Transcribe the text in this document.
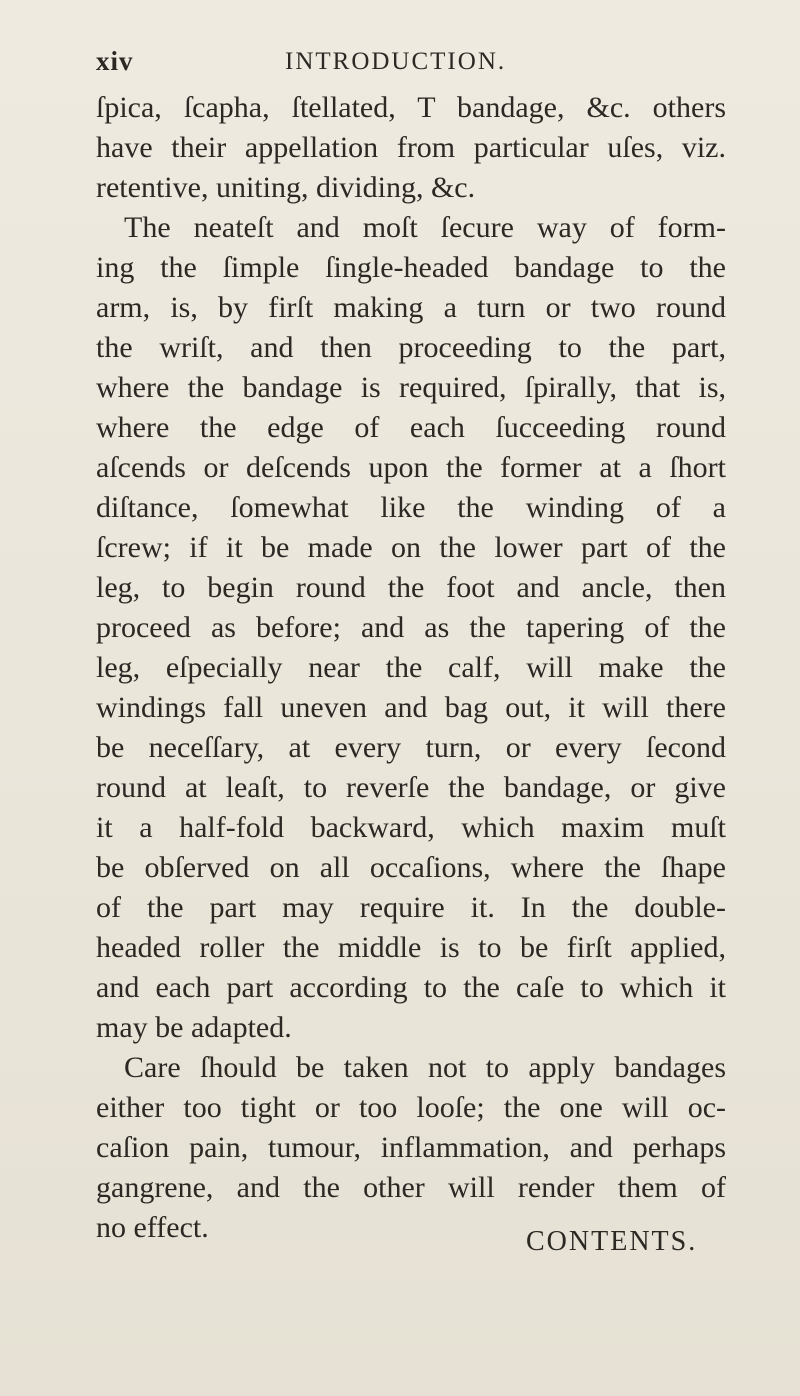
xiv	INTRODUCTION.
ſpica, ſcapha, ſtellated, T bandage, &c. others
have their appellation from particular uſes, viz.
retentive, uniting, dividing, &c.
The neateſt and moſt ſecure way of form-
ing the ſimple ſingle-headed bandage to the
arm, is, by firſt making a turn or two round
the wriſt, and then proceeding to the part,
where the bandage is required, ſpirally, that is,
where the edge of each ſucceeding round
aſcends or deſcends upon the former at a ſhort
diſtance, ſomewhat like the winding of a
ſcrew; if it be made on the lower part of the
leg, to begin round the foot and ancle, then
proceed as before; and as the tapering of the
leg, eſpecially near the calf, will make the
windings fall uneven and bag out, it will there
be neceſſary, at every turn, or every ſecond
round at leaſt, to reverſe the bandage, or give
it a half-fold backward, which maxim muſt
be obſerved on all occaſions, where the ſhape
of the part may require it. In the double-
headed roller the middle is to be firſt applied,
and each part according to the caſe to which it
may be adapted.
Care ſhould be taken not to apply bandages
either too tight or too looſe; the one will oc-
caſion pain, tumour, inflammation, and perhaps
gangrene, and the other will render them of
no effect.	CONTENTS.
